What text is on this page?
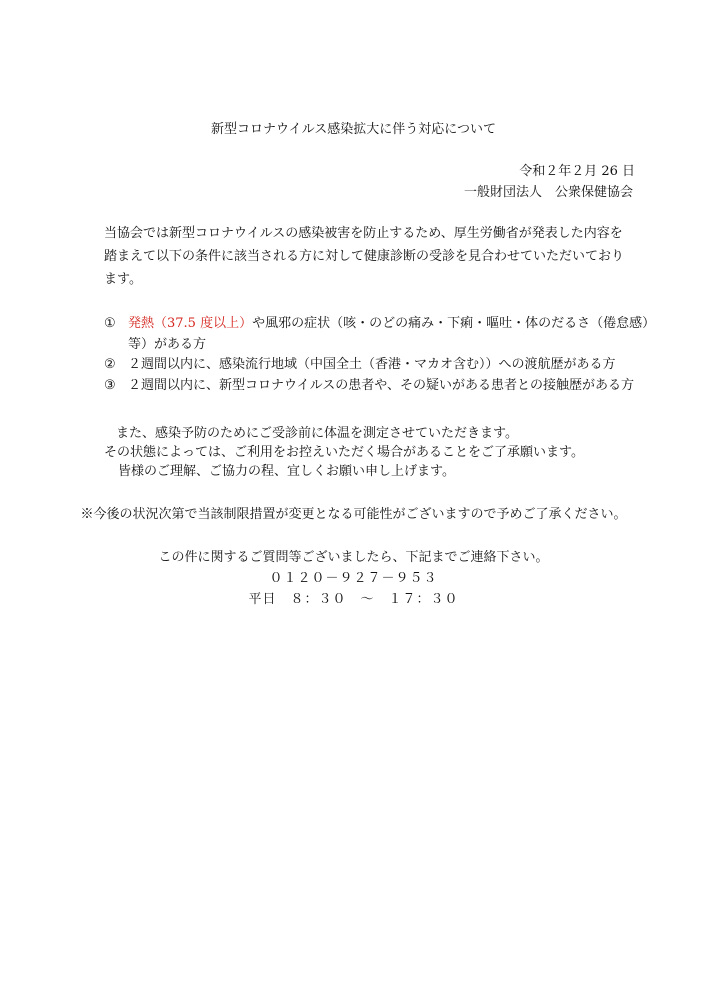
新型コロナウイルス感染拡大に伴う対応について
令和２年２月 26 日
一般財団法人　公衆保健協会
当協会では新型コロナウイルスの感染被害を防止するため、厚生労働省が発表した内容を
踏まえて以下の条件に該当される方に対して健康診断の受診を見合わせていただいており
ます。
① 発熱（37.5 度以上）や風邪の症状（咳・のどの痛み・下痢・嘔吐・体のだるさ（倦怠感）
等）がある方
② ２週間以内に、感染流行地域（中国全土（香港・マカオ含む））への渡航歴がある方
③ ２週間以内に、新型コロナウイルスの患者や、その疑いがある患者との接触歴がある方
また、感染予防のためにご受診前に体温を測定させていただきます。
その状態によっては、ご利用をお控えいただく場合があることをご了承願います。
皆様のご理解、ご協力の程、宜しくお願い申し上げます。
※今後の状況次第で当該制限措置が変更となる可能性がございますので予めご了承ください。
この件に関するご質問等ございましたら、下記までご連絡下さい。
０１２０－９２７－９５３
平日　８：３０　～　１７：３０
